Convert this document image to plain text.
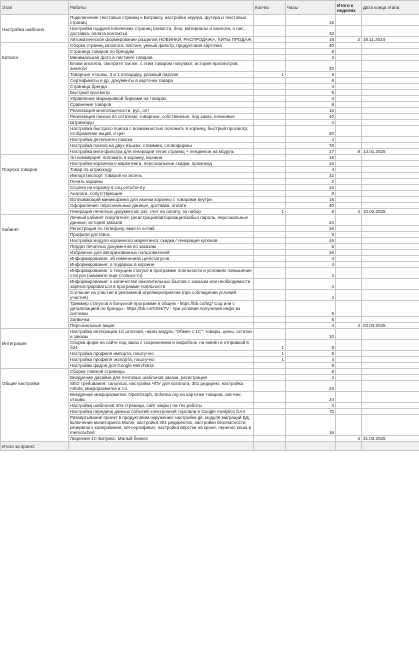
Этап	Работы	Кол-во	Часы	Итого к неделях	Дата конца этапа
Настройка шаблона	Подключение текстовых страниц к Битриксу, настройка хедера, футера и текстовых страниц		16		
	Настройка поддесктопических страниц (новости, блог, материалы и аналоги, о нас, доставка, оплата контакты)		32		
	Автоматическое формирование разделов НОВИНКИ, РАСПРОДАЖА, ХИТЫ ПРОДАЖ		16	2	18.11.2024
Каталог	Сборка страниц каталога, листинг, умный фильтр, продуктовая карточка		40		
	Страница товаров по брендам		8		
	Минимальная фото в листинге товаров		2		
	Блоки апселла, смотрите так же, с этим товаром покупают, история просмотров, аналоги		32		
	Товарные отзывы, 3 и 1 площадку, разовый парсинг	1	8		
	Сертификаты и др. документы в карточке товара		8		
	Страница бренда		4		
	Быстрый просмотр		8		
	Управление маркировкой бирками на товарах		4		
	Сравнение товаров		8		
	Реализация многоязычности, рус, опт		16		
	Реализация поиска по остаткам: товарные, собственные, под заказ, плановые		40		
	Штрихкоды		4		
	Настройка быстрого поиска с возможностью положить в корзину, быстрый просмотр, отображение акций, и цен		40		
	Настройка детального поиска		4		
	Настройка поиска на двух языках: стемминг, словоформы		78		
	Настройка мега-фильтра для генерации тегов страниц + лендингов на модуль		17	8	13.01.2025
Покупка товаров	Эл.коммерция: положить в корзину, корзина		16		
	Настройка корзинного маркетинга, персональные скидки, промокод		16		
	Товар по штрихкоду		4		
	Импорт/экспорт товаров из эксель		32		
	Печать корзины		2		
	Ссылка на корзину в соц.сеть/почту		16		
	Аналоги, сопутствующие		8		
	Всплывающий миникорзина для иконки корзины с товарами внутри		16		
	Оформление: персональные данные, доставка, оплата		40		
	Генерация печатных документов: акт, счет на оплату, за набор	1	8	4	10.02.2025
Кабинет	Личный кабинет покупателя: регистрация/авторизация/забыл пароль, персональные данные, история заказов		24		
	Регистрация по телефону, вместо e-mail		16		
	Профили доставок		8		
	Настройка модуля корзинного маркетинга: скидки / генерация купонов		16		
	Пердат печатных документов по заказам		8		
	Избранное для авторизованных пользователей		16		
	Информирование: об изменениях цен/статусов		4		
	Информирование: о подарках в корзине		4		
	Информирование: о текущем статусе в программе лояльности и условиях повышения статуса (закажите еще столько-то)		4		
	Информирование: о количестве накопительных баллов с заказом или необходимости зарегистрироваться в программе лояльности		4		
	Согласие на участие в рекламной игре/мероприятии (при соблюдении условий участия)		4		
	Триммер статусов в бонусной программе в общем - https://bb.co/5Q/ Сод или с детализацией по бренды - https://bb.co/G/94/7V - при условии получения инфо из системы		8		
	Заявочка		8		
	Персональные акции		4	3	03.03.2025
Интеграция	Настройка интеграции 1С штатная, через модуль "Обмен с 1С": товары, цены, остатки и заказы		10		
	Сборка форм на сайте под заказ с сохранением в инфоблок, на емейл и отправкой в б24	1	8		
	Настройка профиля импорта, поштучно	1	8		
	Настройка профиля экспорта, поштучно	1	4		
	Настройки фидов для Google Merchants		8		
Общие настройки	Сборка главной страницы		8		
	Внедрение дизайна для почтовых шаблонов заказа, регистрация		4		
	SEO требования: canonical, настройка ЧПУ для каталога, 301 редирект, настройка robots, микроразметка и т.п.		24		
	Внедрение микроразметки: OpenGraph, Schema.org на карточке товаров, листинг, отзывы		24		
	Настройка шаблонов 404 страница, сайт закрыт на тех.работы		4		
	Настройка передачи данных событий электронной торговли в Google Analytics GA4		70		
	Развертывание проект в продуктовом окружении: настройка git, модуля миграций БД, включение мониторинга Munin, настройка 301 редиректов, настройки безопасности, резервного копирования, sel-сертификат, настройка вёрстки на кроне, перенос кеша в memcached		16		
	Лицензия 1С-Битрикс: Малый бизнес			4	31.03.2025
Итого за проект					
